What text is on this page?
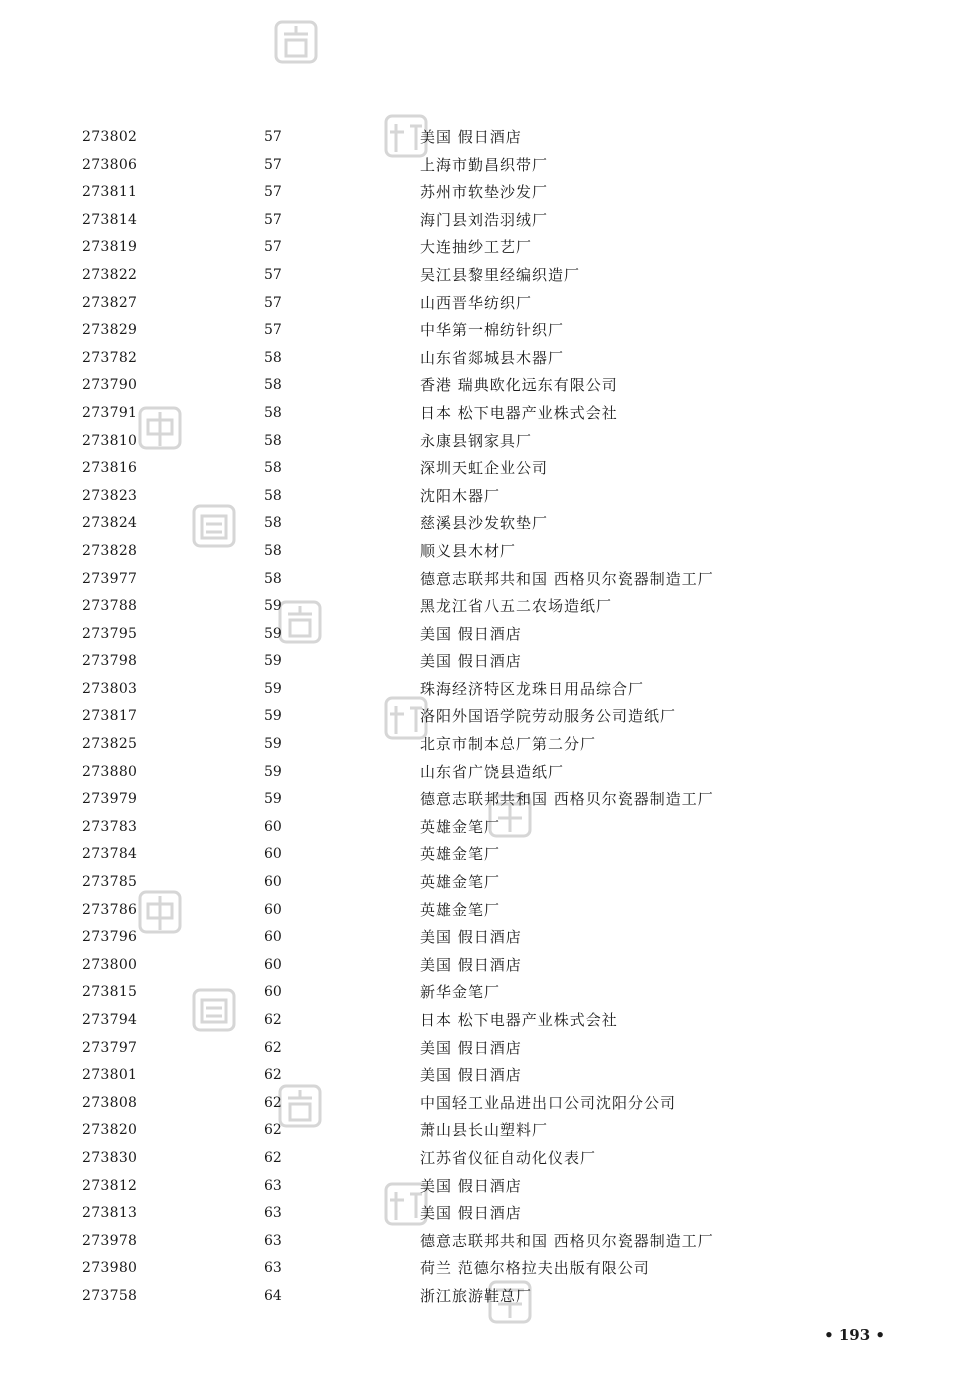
273802	57	美国 假日酒店
273806	57	上海市勤昌织带厂
273811	57	苏州市软垫沙发厂
273814	57	海门县刘浩羽绒厂
273819	57	大连抽纱工艺厂
273822	57	吴江县黎里经编织造厂
273827	57	山西晋华纺织厂
273829	57	中华第一棉纺针织厂
273782	58	山东省郯城县木器厂
273790	58	香港 瑞典欧化远东有限公司
273791	58	日本 松下电器产业株式会社
273810	58	永康县钢家具厂
273816	58	深圳天虹企业公司
273823	58	沈阳木器厂
273824	58	慈溪县沙发软垫厂
273828	58	顺义县木材厂
273977	58	德意志联邦共和国 西格贝尔瓷器制造工厂
273788	59	黑龙江省八五二农场造纸厂
273795	59	美国 假日酒店
273798	59	美国 假日酒店
273803	59	珠海经济特区龙珠日用品综合厂
273817	59	洛阳外国语学院劳动服务公司造纸厂
273825	59	北京市制本总厂第二分厂
273880	59	山东省广饶县造纸厂
273979	59	德意志联邦共和国 西格贝尔瓷器制造工厂
273783	60	英雄金笔厂
273784	60	英雄金笔厂
273785	60	英雄金笔厂
273786	60	英雄金笔厂
273796	60	美国 假日酒店
273800	60	美国 假日酒店
273815	60	新华金笔厂
273794	62	日本 松下电器产业株式会社
273797	62	美国 假日酒店
273801	62	美国 假日酒店
273808	62	中国轻工业品进出口公司沈阳分公司
273820	62	萧山县长山塑料厂
273830	62	江苏省仪征自动化仪表厂
273812	63	美国 假日酒店
273813	63	美国 假日酒店
273978	63	德意志联邦共和国 西格贝尔瓷器制造工厂
273980	63	荷兰 范德尔格拉夫出版有限公司
273758	64	浙江旅游鞋总厂
• 193 •
